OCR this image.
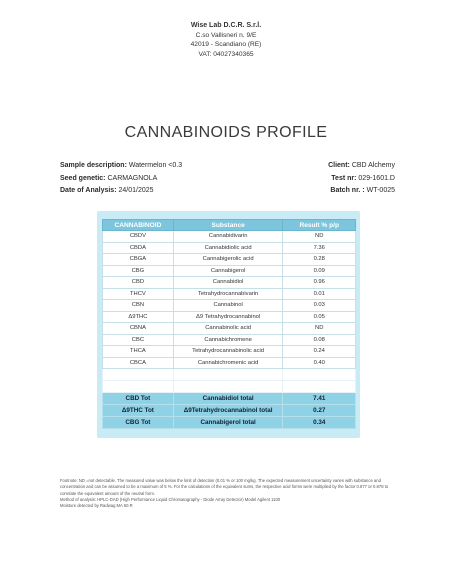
Wise Lab D.C.R. S.r.l.
C.so Vallisneri n. 9/E
42019 - Scandiano (RE)
VAT: 04027340365
CANNABINOIDS PROFILE
Sample description: Watermelon <0.3
Seed genetic: CARMAGNOLA
Date of Analysis: 24/01/2025
Client: CBD Alchemy
Test nr: 029-1601.D
Batch nr. : WT-0025
CANNABINOID	Substance	Result % p/p
CBDV	Cannabidivarin	ND
CBDA	Cannabidiolic acid	7.36
CBGA	Cannabigerolic acid	0.28
CBG	Cannabigerol	0.09
CBD	Cannabidiol	0.96
THCV	Tetrahydrocannabivarin	0.01
CBN	Cannabinol	0.03
Δ9THC	Δ9 Tetrahydrocannabinol	0.05
CBNA	Cannabinolic acid	ND
CBC	Cannabichromene	0.08
THCA	Tetrahydrocannabinolic acid	0.24
CBCA	Cannabichromenic acid	0.40

CBD Tot	Cannabidiol total	7.41
Δ9THC Tot	Δ9Tetrahydrocannabinol total	0.27
CBG Tot	Cannabigerol total	0.34
Footnote: ND =not detectable. The measured value was below the limit of detection (0.01 % or 100 mg/kg. The expected measurement uncertainty varies with substance and concentration and can be assumed to be a maximum of 5 %. For the calculations of the equivalent sums, the respective acid forms were multiplied by the factor 0.877 or 0.878 to correlate the equivalent amount of the neutral form.
Method of analysis: HPLC-DAD (High Performance Liquid Chromatography - Diode Array Detector) Model Agilent 1100
Moisture detected by Radwag MA 50.R
